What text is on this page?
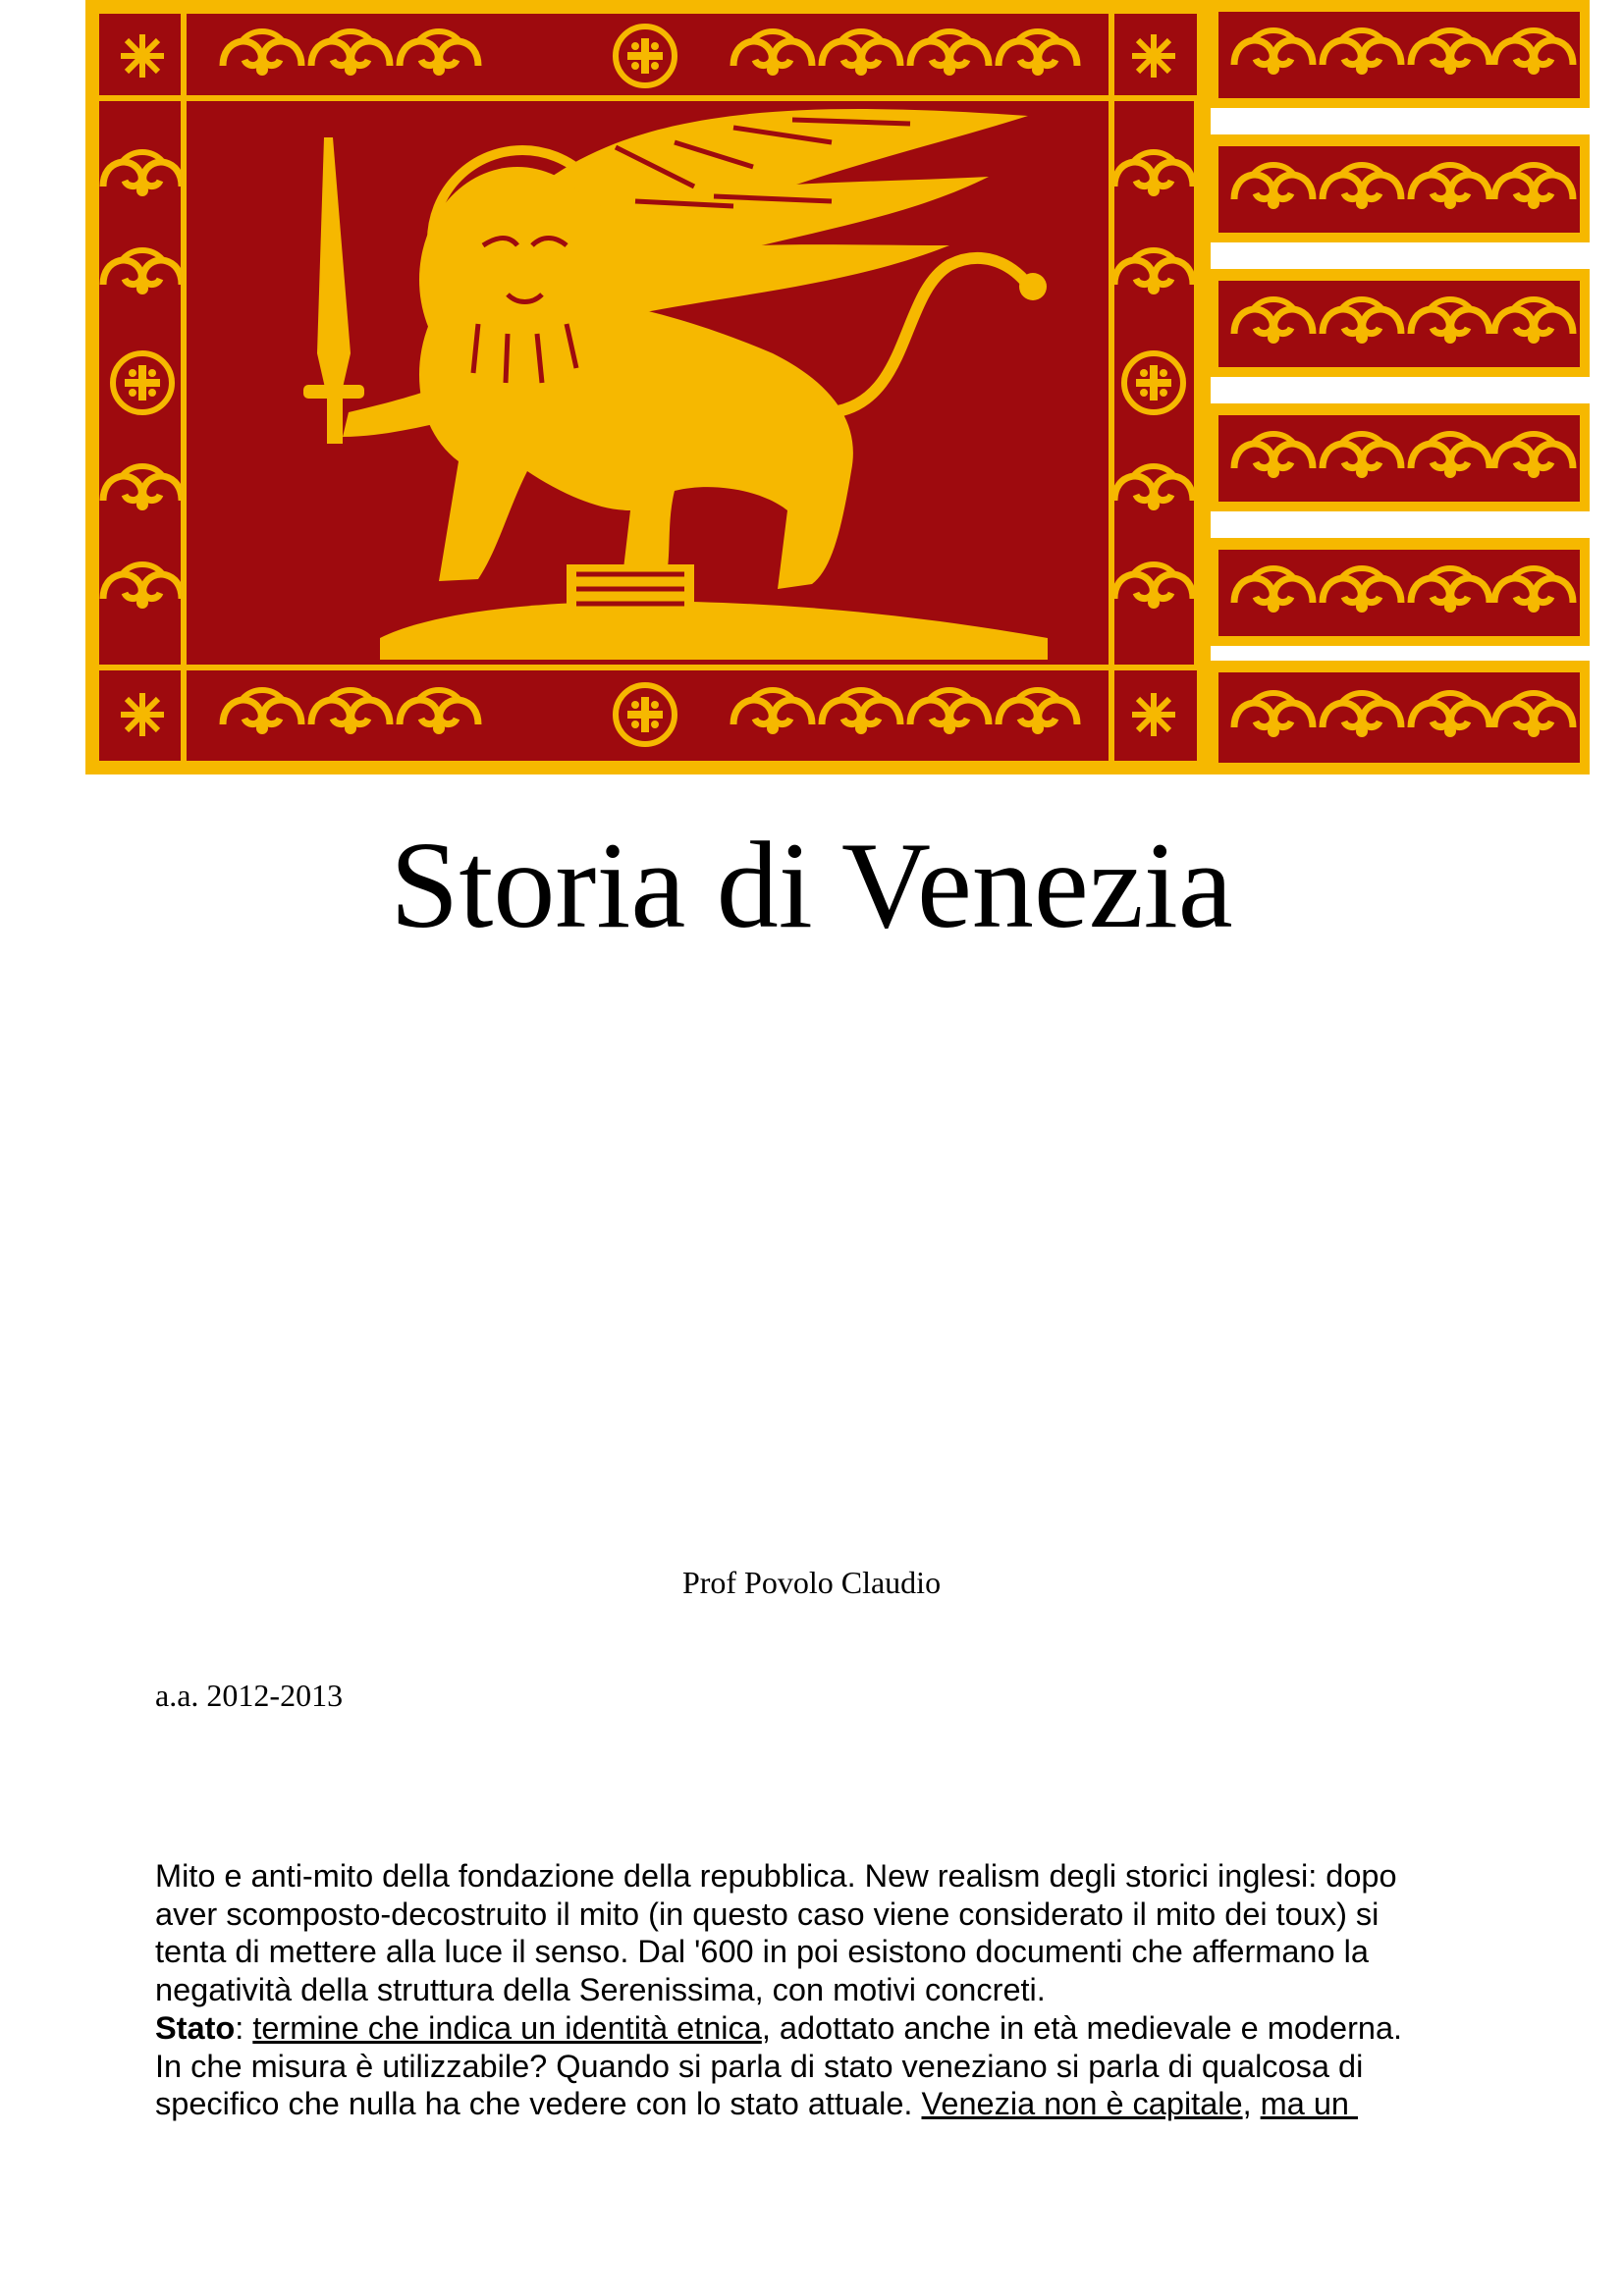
Storia di Venezia
Prof Povolo Claudio
a.a. 2012-2013
Mito e anti-mito della fondazione della repubblica. New realism degli storici inglesi: dopo
aver scomposto-decostruito il mito (in questo caso viene considerato il mito dei toux) si
tenta di mettere alla luce il senso. Dal '600 in poi esistono documenti che affermano la
negatività della struttura della Serenissima, con motivi concreti.
Stato: termine che indica un identità etnica, adottato anche in età medievale e moderna.
In che misura è utilizzabile? Quando si parla di stato veneziano si parla di qualcosa di
specifico che nulla ha che vedere con lo stato attuale. Venezia non è capitale, ma un
